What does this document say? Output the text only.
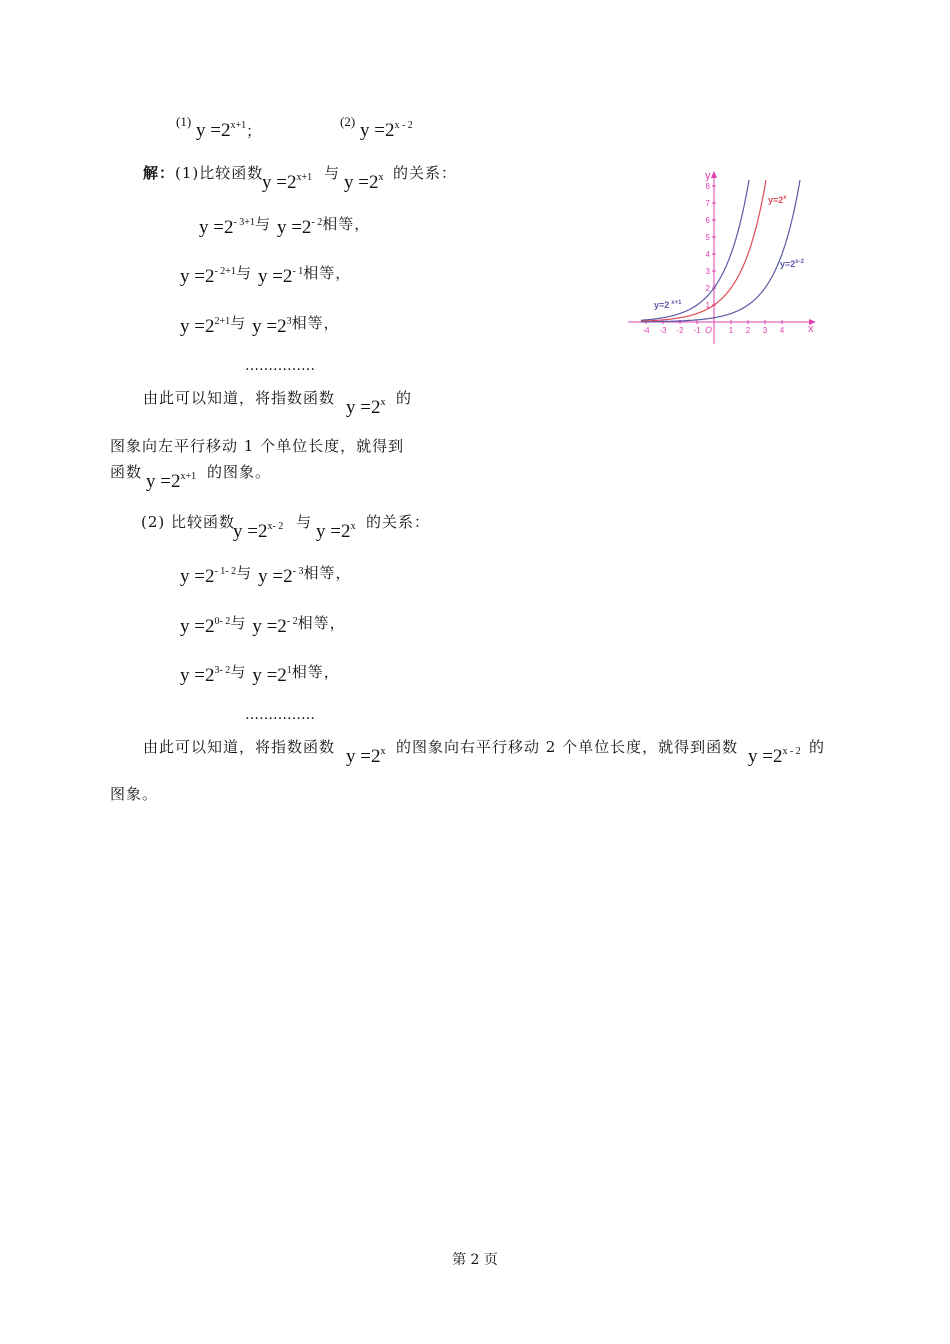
(1) $y =2^{x+1}$；
(2) $y =2^{x - 2}$
解：(1)比较函数
$y =2^{x+1}$ 与 $y =2^x$ 的关系：
$y =2^{- 3+1}$与 $y =2^{- 2}$相等，
$y =2^{- 2+1}$与 $y =2^{- 1}$相等，
$y =2^{2+1}$与 $y =2^3$相等，
……………
由此可以知道，将指数函数 $y =2^x$ 的
图象向左平行移动 1 个单位长度，就得到
函数 $y =2^{x+1}$ 的图象。
(2) 比较函数
$y =2^{x- 2}$ 与 $y =2^x$ 的关系：
$y =2^{- 1- 2}$与 $y =2^{- 3}$相等，
$y =2^{0- 2}$与 $y =2^{- 2}$相等，
$y =2^{3- 2}$与 $y =2^1$相等，
……………
由此可以知道，将指数函数 $y =2^x$ 的图象向右平行移动 2 个单位长度，就得到函数 $y =2^{x - 2}$ 的
图象。
x
y
O
-4 -3 -2 -1	1 2 3 4
1
2
3
4
5
6
7
8
y=2 $^{x+1}$
$y=2^x$
$y=2^{x-2}$
第 2 页
